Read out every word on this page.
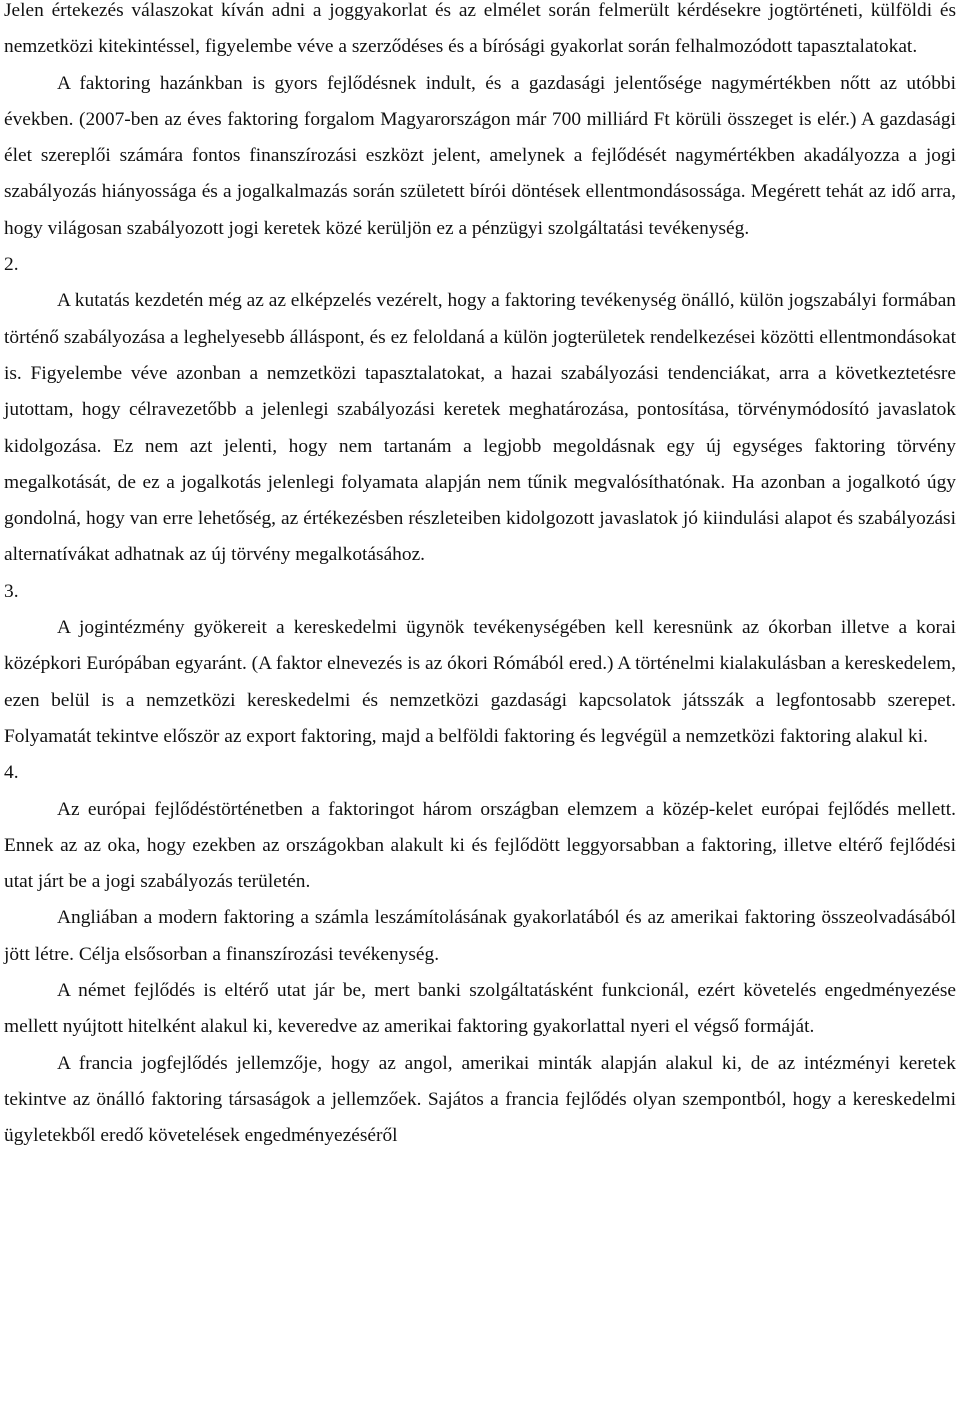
Jelen értekezés válaszokat kíván adni a joggyakorlat és az elmélet során felmerült kérdésekre jogtörténeti, külföldi és nemzetközi kitekintéssel, figyelembe véve a szerződéses és a bírósági gyakorlat során felhalmozódott tapasztalatokat.

A faktoring hazánkban is gyors fejlődésnek indult, és a gazdasági jelentősége nagymértékben nőtt az utóbbi években. (2007-ben az éves faktoring forgalom Magyarországon már 700 milliárd Ft körüli összeget is elér.) A gazdasági élet szereplői számára fontos finanszírozási eszközt jelent, amelynek a fejlődését nagymértékben akadályozza a jogi szabályozás hiányossága és a jogalkalmazás során született bírói döntések ellentmondásossága. Megérett tehát az idő arra, hogy világosan szabályozott jogi keretek közé kerüljön ez a pénzügyi szolgáltatási tevékenység.

2.

A kutatás kezdetén még az az elképzelés vezérelt, hogy a faktoring tevékenység önálló, külön jogszabályi formában történő szabályozása a leghelyesebb álláspont, és ez feloldaná a külön jogterületek rendelkezései közötti ellentmondásokat is. Figyelembe véve azonban a nemzetközi tapasztalatokat, a hazai szabályozási tendenciákat, arra a következtetésre jutottam, hogy célravezetőbb a jelenlegi szabályozási keretek meghatározása, pontosítása, törvénymódosító javaslatok kidolgozása. Ez nem azt jelenti, hogy nem tartanám a legjobb megoldásnak egy új egységes faktoring törvény megalkotását, de ez a jogalkotás jelenlegi folyamata alapján nem tűnik megvalósíthatónak. Ha azonban a jogalkotó úgy gondolná, hogy van erre lehetőség, az értékezésben részleteiben kidolgozott javaslatok jó kiindulási alapot és szabályozási alternatívákat adhatnak az új törvény megalkotásához.

3.

A jogintézmény gyökereit a kereskedelmi ügynök tevékenységében kell keresnünk az ókorban illetve a korai középkori Európában egyaránt. (A faktor elnevezés is az ókori Rómából ered.) A történelmi kialakulásban a kereskedelem, ezen belül is a nemzetközi kereskedelmi és nemzetközi gazdasági kapcsolatok játsszák a legfontosabb szerepet. Folyamatát tekintve először az export faktoring, majd a belföldi faktoring és legvégül a nemzetközi faktoring alakul ki.

4.

Az európai fejlődéstörténetben a faktoringot három országban elemzem a közép-kelet európai fejlődés mellett. Ennek az az oka, hogy ezekben az országokban alakult ki és fejlődött leggyorsabban a faktoring, illetve eltérő fejlődési utat járt be a jogi szabályozás területén.

Angliában a modern faktoring a számla leszámítolásának gyakorlatából és az amerikai faktoring összeolvadásából jött létre. Célja elsősorban a finanszírozási tevékenység.

A német fejlődés is eltérő utat jár be, mert banki szolgáltatásként funkcionál, ezért követelés engedményezése mellett nyújtott hitelként alakul ki, keveredve az amerikai faktoring gyakorlattal nyeri el végső formáját.

A francia jogfejlődés jellemzője, hogy az angol, amerikai minták alapján alakul ki, de az intézményi keretek tekintve az önálló faktoring társaságok a jellemzőek. Sajátos a francia fejlődés olyan szempontból, hogy a kereskedelmi ügyletekből eredő követelések engedményezéséről
